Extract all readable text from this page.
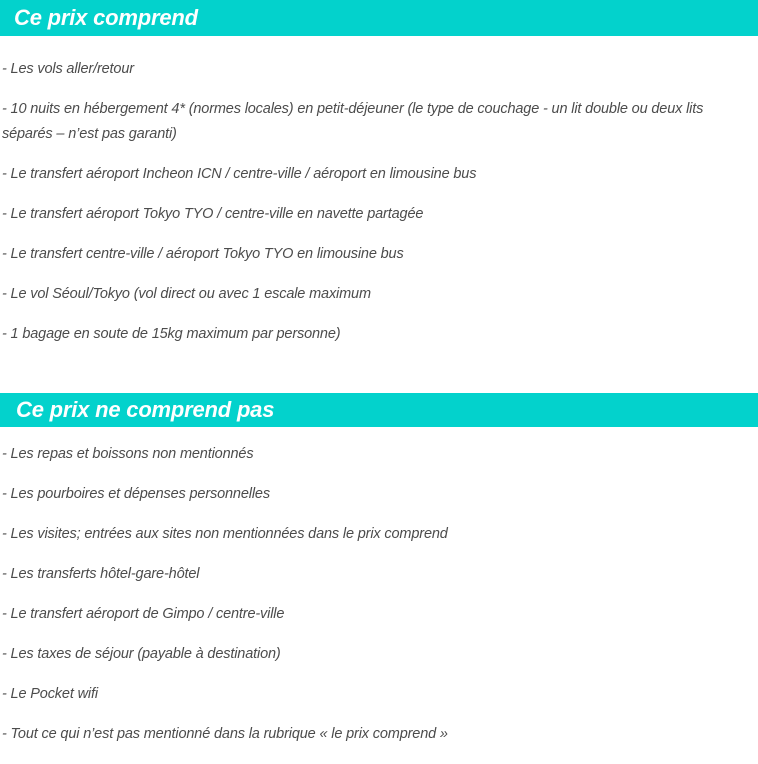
Ce prix comprend

- Les vols aller/retour

- 10 nuits en hébergement 4* (normes locales) en petit-déjeuner (le type de couchage - un lit double ou deux lits séparés – n’est pas garanti)

- Le transfert aéroport Incheon ICN / centre-ville / aéroport en limousine bus

- Le transfert aéroport Tokyo TYO / centre-ville en navette partagée

- Le transfert centre-ville / aéroport Tokyo TYO en limousine bus

- Le vol Séoul/Tokyo (vol direct ou avec 1 escale maximum

- 1 bagage en soute de 15kg maximum par personne)

Ce prix ne comprend pas

- Les repas et boissons non mentionnés

- Les pourboires et dépenses personnelles

- Les visites; entrées aux sites non mentionnées dans le prix comprend

- Les transferts hôtel-gare-hôtel

- Le transfert aéroport de Gimpo / centre-ville

- Les taxes de séjour (payable à destination)

- Le Pocket wifi

- Tout ce qui n’est pas mentionné dans la rubrique « le prix comprend »
